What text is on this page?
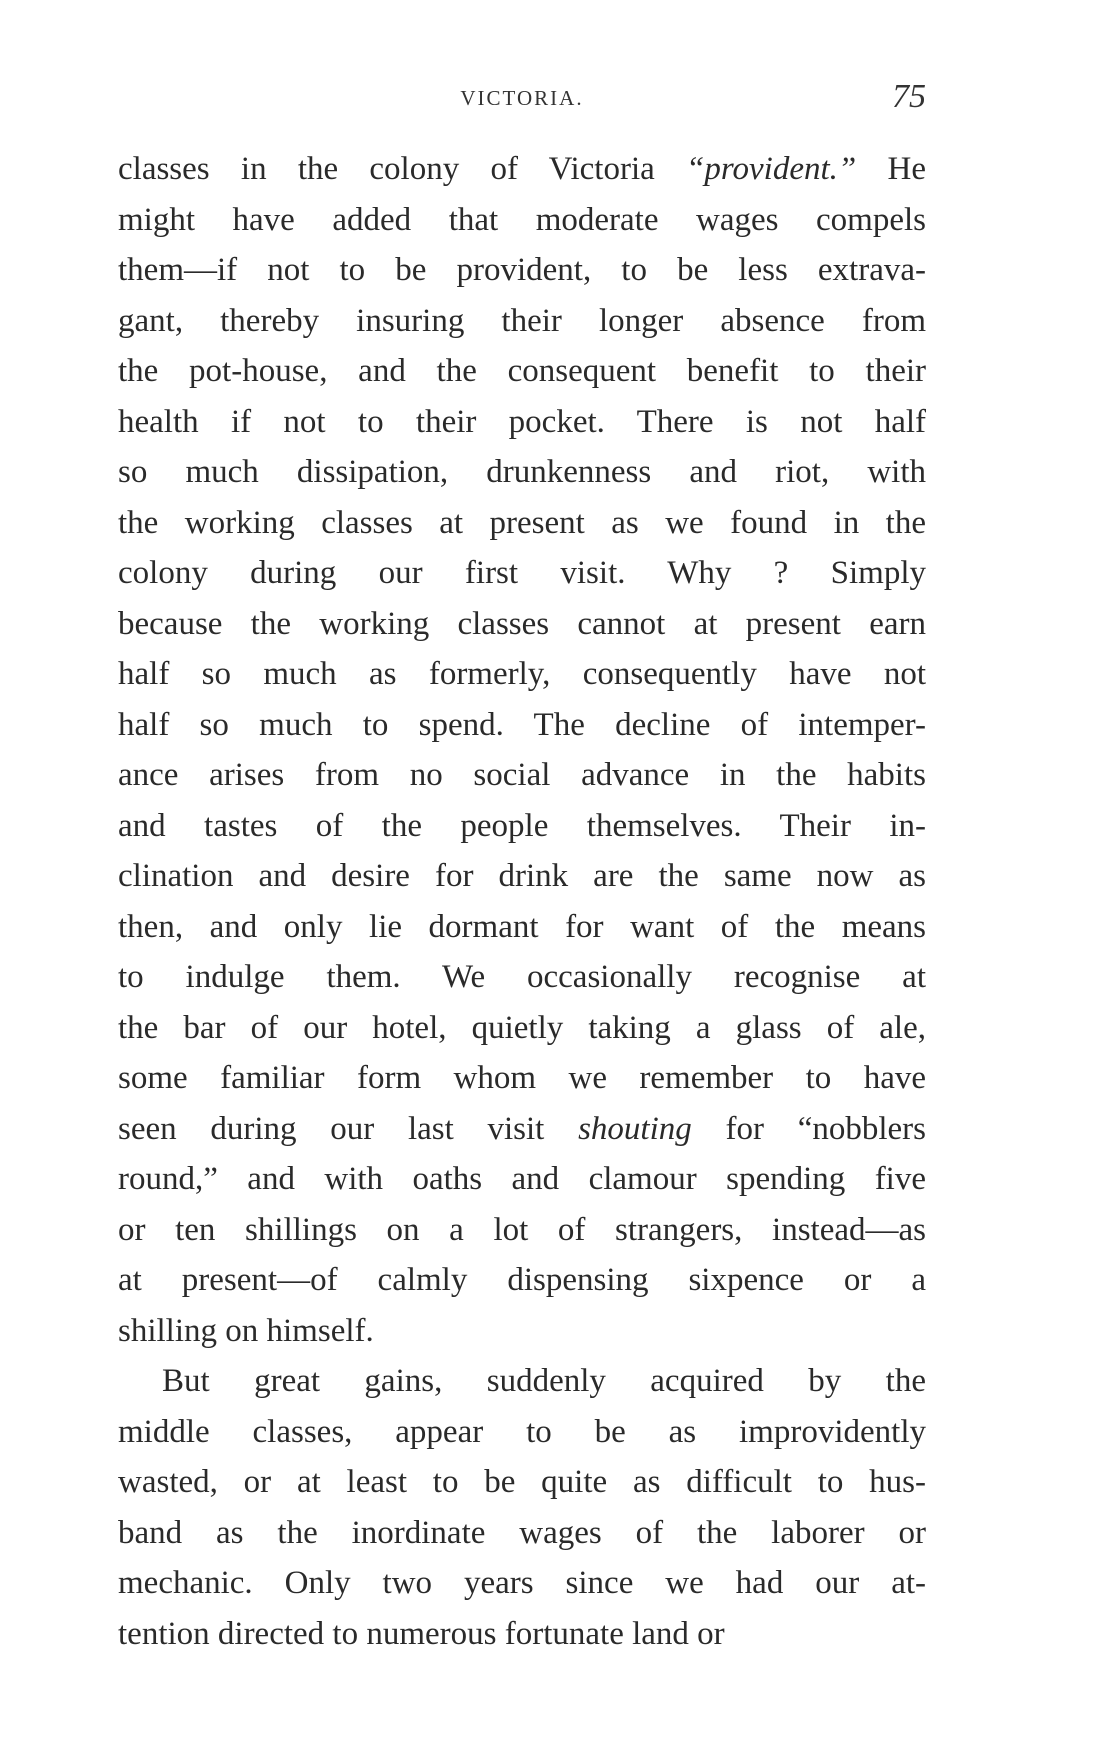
VICTORIA.	75
classes in the colony of Victoria “provident.” He
might have added that moderate wages compels
them—if not to be provident, to be less extrava-
gant, thereby insuring their longer absence from
the pot-house, and the consequent benefit to their
health if not to their pocket. There is not half
so much dissipation, drunkenness and riot, with
the working classes at present as we found in the
colony during our first visit. Why ? Simply
because the working classes cannot at present earn
half so much as formerly, consequently have not
half so much to spend. The decline of intemper-
ance arises from no social advance in the habits
and tastes of the people themselves. Their in-
clination and desire for drink are the same now as
then, and only lie dormant for want of the means
to indulge them. We occasionally recognise at
the bar of our hotel, quietly taking a glass of ale,
some familiar form whom we remember to have
seen during our last visit shouting for “nobblers
round,” and with oaths and clamour spending five
or ten shillings on a lot of strangers, instead—as
at present—of calmly dispensing sixpence or a
shilling on himself.
But great gains, suddenly acquired by the
middle classes, appear to be as improvidently
wasted, or at least to be quite as difficult to hus-
band as the inordinate wages of the laborer or
mechanic. Only two years since we had our at-
tention directed to numerous fortunate land or
